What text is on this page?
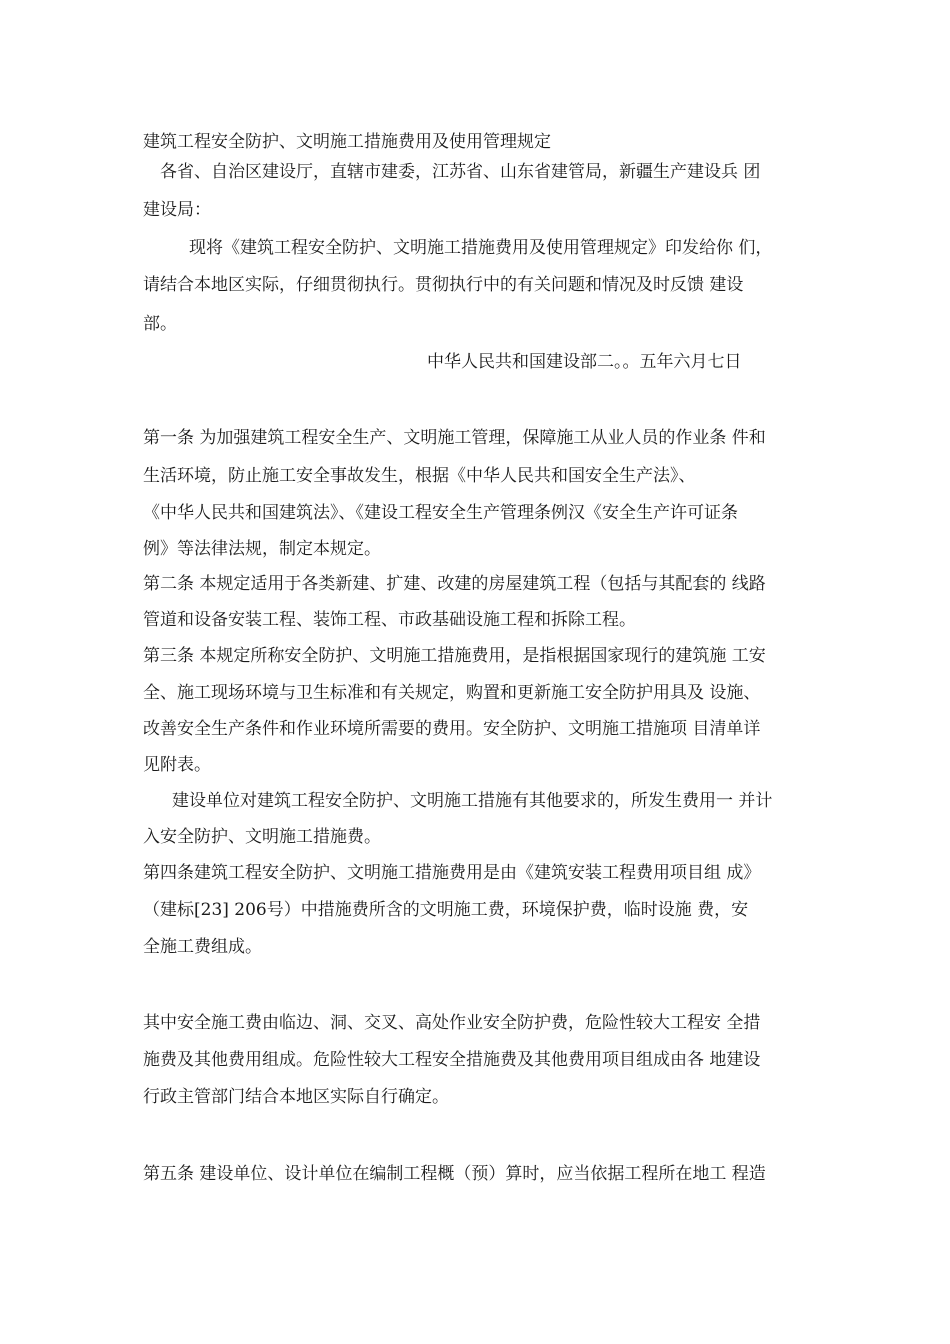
建筑工程安全防护、文明施工措施费用及使用管理规定
各省、自治区建设厅，直辖市建委，江苏省、山东省建管局，新疆生产建设兵 团
建设局：
现将《建筑工程安全防护、文明施工措施费用及使用管理规定》印发给你 们，
请结合本地区实际，仔细贯彻执行。贯彻执行中的有关问题和情况及时反馈 建设
部。
中华人民共和国建设部二。。五年六月七日
第一条 为加强建筑工程安全生产、文明施工管理，保障施工从业人员的作业条 件和
生活环境，防止施工安全事故发生，根据《中华人民共和国安全生产法》、
《中华人民共和国建筑法》、《建设工程安全生产管理条例汉《安全生产许可证条
例》等法律法规，制定本规定。
第二条 本规定适用于各类新建、扩建、改建的房屋建筑工程（包括与其配套的 线路
管道和设备安装工程、装饰工程、市政基础设施工程和拆除工程。
第三条 本规定所称安全防护、文明施工措施费用，是指根据国家现行的建筑施 工安
全、施工现场环境与卫生标准和有关规定，购置和更新施工安全防护用具及 设施、
改善安全生产条件和作业环境所需要的费用。安全防护、文明施工措施项 目清单详
见附表。
建设单位对建筑工程安全防护、文明施工措施有其他要求的，所发生费用一 并计
入安全防护、文明施工措施费。
第四条建筑工程安全防护、文明施工措施费用是由《建筑安装工程费用项目组 成》
（建标[23] 206号）中措施费所含的文明施工费，环境保护费，临时设施 费，安
全施工费组成。
其中安全施工费由临边、洞、交叉、高处作业安全防护费，危险性较大工程安 全措
施费及其他费用组成。危险性较大工程安全措施费及其他费用项目组成由各 地建设
行政主管部门结合本地区实际自行确定。
第五条 建设单位、设计单位在编制工程概（预）算时，应当依据工程所在地工 程造
